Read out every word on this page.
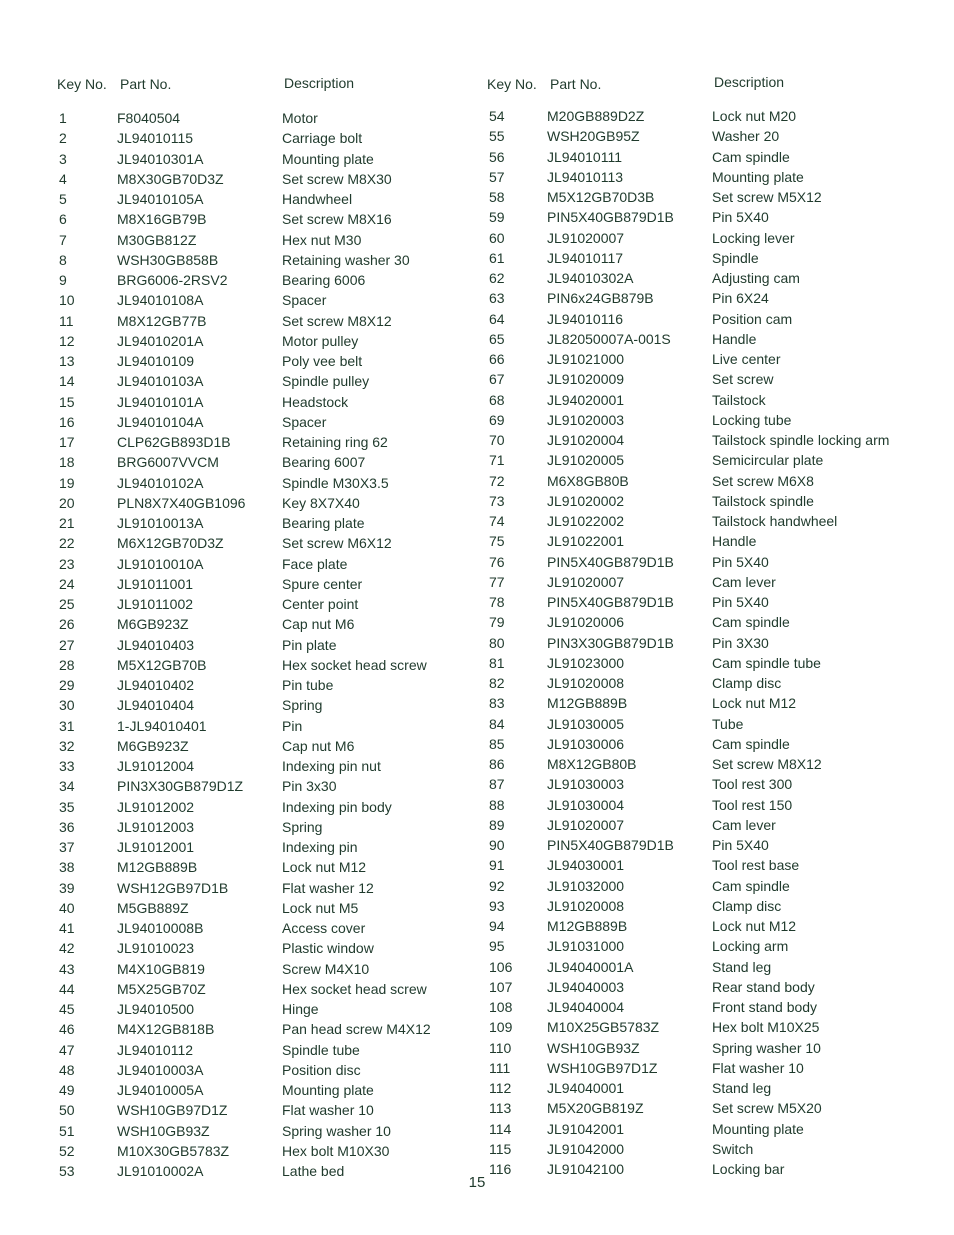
Key No. Part No.	Description
1	F8040504	Motor
2	JL94010115	Carriage bolt
3	JL94010301A	Mounting plate
4	M8X30GB70D3Z	Set screw M8X30
5	JL94010105A	Handwheel
6	M8X16GB79B	Set screw M8X16
7	M30GB812Z	Hex nut M30
8	WSH30GB858B	Retaining washer 30
9	BRG6006-2RSV2	Bearing 6006
10	JL94010108A	Spacer
11	M8X12GB77B	Set screw M8X12
12	JL94010201A	Motor pulley
13	JL94010109	Poly vee belt
14	JL94010103A	Spindle pulley
15	JL94010101A	Headstock
16	JL94010104A	Spacer
17	CLP62GB893D1B	Retaining ring 62
18	BRG6007VVCM	Bearing 6007
19	JL94010102A	Spindle M30X3.5
20	PLN8X7X40GB1096	Key 8X7X40
21	JL91010013A	Bearing plate
22	M6X12GB70D3Z	Set screw M6X12
23	JL91010010A	Face plate
24	JL91011001	Spure center
25	JL91011002	Center point
26	M6GB923Z	Cap nut M6
27	JL94010403	Pin plate
28	M5X12GB70B	Hex socket head screw
29	JL94010402	Pin tube
30	JL94010404	Spring
31	1-JL94010401	Pin
32	M6GB923Z	Cap nut M6
33	JL91012004	Indexing pin nut
34	PIN3X30GB879D1Z	Pin 3x30
35	JL91012002	Indexing pin body
36	JL91012003	Spring
37	JL91012001	Indexing pin
38	M12GB889B	Lock nut M12
39	WSH12GB97D1B	Flat washer 12
40	M5GB889Z	Lock nut M5
41	JL94010008B	Access cover
42	JL91010023	Plastic window
43	M4X10GB819	Screw M4X10
44	M5X25GB70Z	Hex socket head screw
45	JL94010500	Hinge
46	M4X12GB818B	Pan head screw M4X12
47	JL94010112	Spindle tube
48	JL94010003A	Position disc
49	JL94010005A	Mounting plate
50	WSH10GB97D1Z	Flat washer 10
51	WSH10GB93Z	Spring washer 10
52	M10X30GB5783Z	Hex bolt M10X30
53	JL91010002A	Lathe bed
Key No. Part No.	Description
54	M20GB889D2Z	Lock nut M20
55	WSH20GB95Z	Washer 20
56	JL94010111	Cam spindle
57	JL94010113	Mounting plate
58	M5X12GB70D3B	Set screw M5X12
59	PIN5X40GB879D1B	Pin 5X40
60	JL91020007	Locking lever
61	JL94010117	Spindle
62	JL94010302A	Adjusting cam
63	PIN6x24GB879B	Pin 6X24
64	JL94010116	Position cam
65	JL82050007A-001S	Handle
66	JL91021000	Live center
67	JL91020009	Set screw
68	JL94020001	Tailstock
69	JL91020003	Locking tube
70	JL91020004	Tailstock spindle locking arm
71	JL91020005	Semicircular plate
72	M6X8GB80B	Set screw M6X8
73	JL91020002	Tailstock spindle
74	JL91022002	Tailstock handwheel
75	JL91022001	Handle
76	PIN5X40GB879D1B	Pin 5X40
77	JL91020007	Cam lever
78	PIN5X40GB879D1B	Pin 5X40
79	JL91020006	Cam spindle
80	PIN3X30GB879D1B	Pin 3X30
81	JL91023000	Cam spindle tube
82	JL91020008	Clamp disc
83	M12GB889B	Lock nut M12
84	JL91030005	Tube
85	JL91030006	Cam spindle
86	M8X12GB80B	Set screw M8X12
87	JL91030003	Tool rest 300
88	JL91030004	Tool rest 150
89	JL91020007	Cam lever
90	PIN5X40GB879D1B	Pin 5X40
91	JL94030001	Tool rest base
92	JL91032000	Cam spindle
93	JL91020008	Clamp disc
94	M12GB889B	Lock nut M12
95	JL91031000	Locking arm
106 JL94040001A	Stand leg
107 JL94040003	Rear stand body
108 JL94040004	Front stand body
109 M10X25GB5783Z	Hex bolt M10X25
110	WSH10GB93Z	Spring washer 10
111	WSH10GB97D1Z	Flat washer 10
112	JL94040001	Stand leg
113	M5X20GB819Z	Set screw M5X20
114	JL91042001	Mounting plate
115	JL91042000	Switch
116	JL91042100	Locking bar
15
